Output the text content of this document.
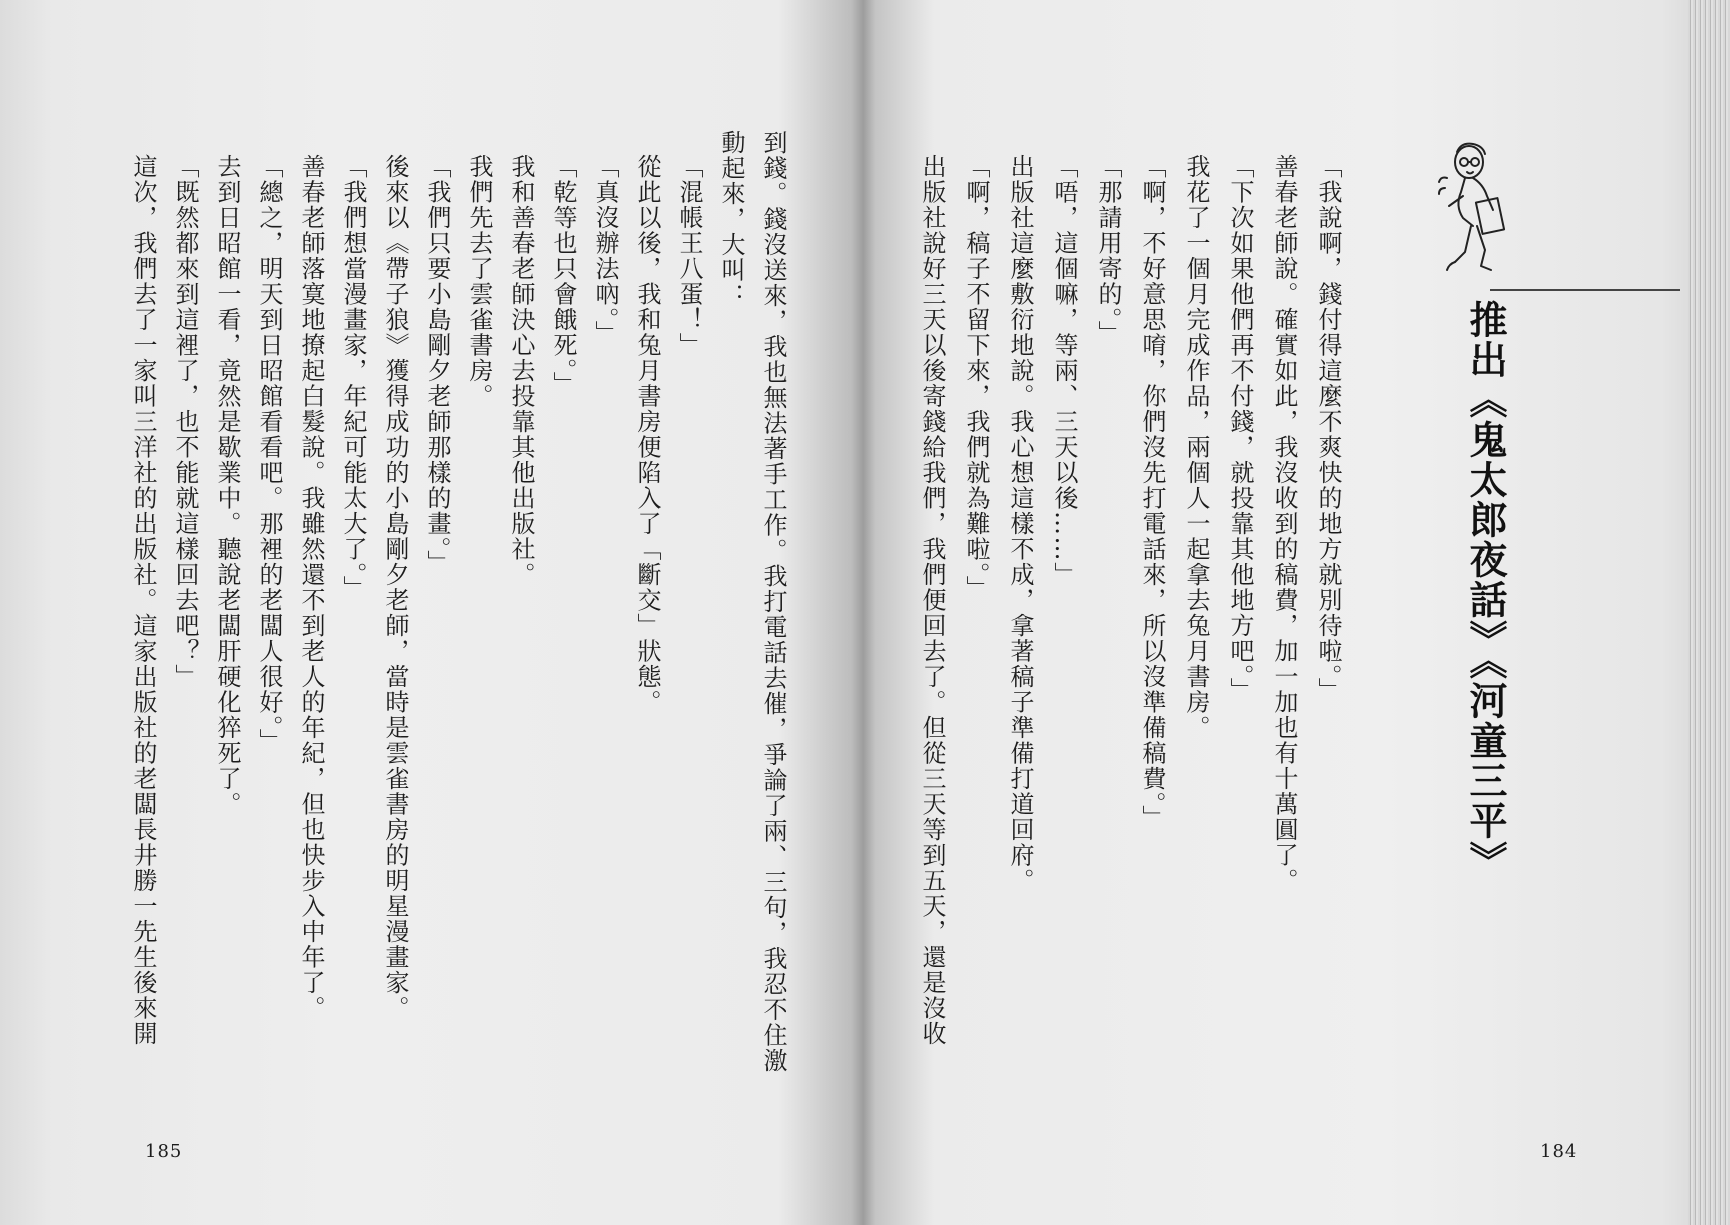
到錢。錢沒送來，我也無法著手工作。我打電話去催，爭論了兩、三句，我忍不住激
動起來，大叫：
「混帳王八蛋！」
從此以後，我和兔月書房便陷入了「斷交」狀態。
「真沒辦法吶。」
「乾等也只會餓死。」
我和善春老師決心去投靠其他出版社。
我們先去了雲雀書房。
「我們只要小島剛夕老師那樣的畫。」
後來以《帶子狼》獲得成功的小島剛夕老師，當時是雲雀書房的明星漫畫家。
「我們想當漫畫家，年紀可能太大了。」
善春老師落寞地撩起白髮說。我雖然還不到老人的年紀，但也快步入中年了。
「總之，明天到日昭館看看吧。那裡的老闆人很好。」
去到日昭館一看，竟然是歇業中。聽說老闆肝硬化猝死了。
「既然都來到這裡了，也不能就這樣回去吧？」
這次，我們去了一家叫三洋社的出版社。這家出版社的老闆長井勝一先生後來開	「我說啊，錢付得這麼不爽快的地方就別待啦。」
善春老師說。確實如此，我沒收到的稿費，加一加也有十萬圓了。
「下次如果他們再不付錢，就投靠其他地方吧。」
我花了一個月完成作品，兩個人一起拿去兔月書房。
「啊，不好意思唷，你們沒先打電話來，所以沒準備稿費。」
「那請用寄的。」
「唔，這個嘛，等兩、三天以後……」
出版社這麼敷衍地說。我心想這樣不成，拿著稿子準備打道回府。
「啊，稿子不留下來，我們就為難啦。」
出版社說好三天以後寄錢給我們，我們便回去了。但從三天等到五天，還是沒收	推出《鬼太郎夜話》《河童三平》
185	184
